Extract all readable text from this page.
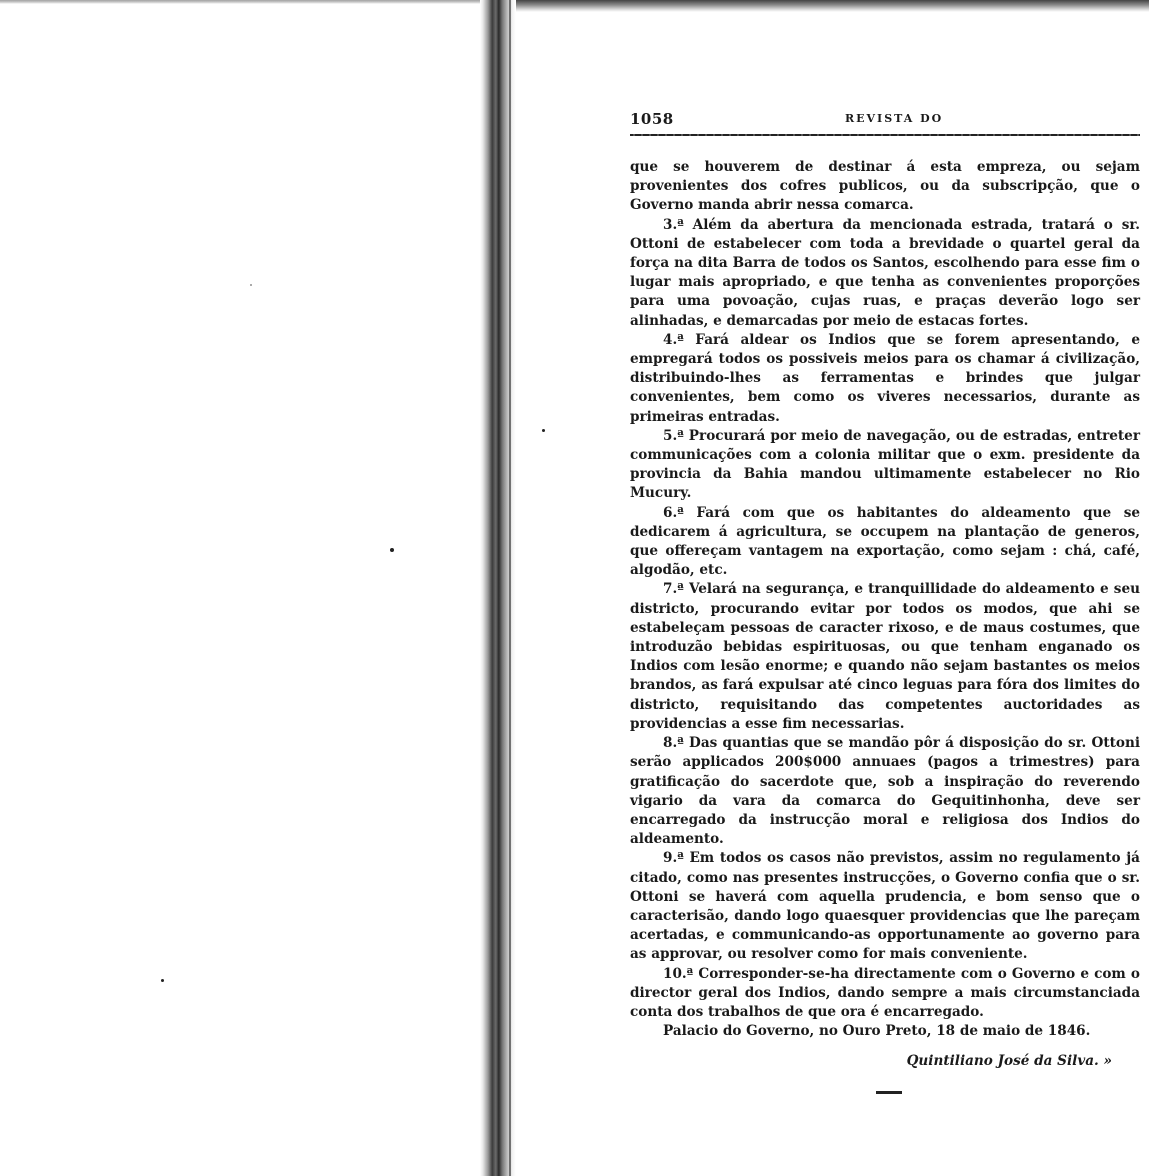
1058	REVISTA DO

que se houverem de destinar á esta empreza, ou sejam provenientes dos cofres publicos, ou da subscripção, que o Governo manda abrir nessa comarca.

3.ª Além da abertura da mencionada estrada, tratará o sr. Ottoni de estabelecer com toda a brevidade o quartel geral da força na dita Barra de todos os Santos, escolhendo para esse fim o lugar mais apropriado, e que tenha as convenientes proporções para uma povoação, cujas ruas, e praças deverão logo ser alinhadas, e demarcadas por meio de estacas fortes.

4.ª Fará aldear os Indios que se forem apresentando, e empregará todos os possiveis meios para os chamar á civilização, distribuindo-lhes as ferramentas e brindes que julgar convenientes, bem como os viveres necessarios, durante as primeiras entradas.

5.ª Procurará por meio de navegação, ou de estradas, entreter communicações com a colonia militar que o exm. presidente da provincia da Bahia mandou ultimamente estabelecer no Rio Mucury.

6.ª Fará com que os habitantes do aldeamento que se dedicarem á agricultura, se occupem na plantação de generos, que offereçam vantagem na exportação, como sejam : chá, café, algodão, etc.

7.ª Velará na segurança, e tranquillidade do aldeamento e seu districto, procurando evitar por todos os modos, que ahi se estabeleçam pessoas de caracter rixoso, e de maus costumes, que introduzão bebidas espirituosas, ou que tenham enganado os Indios com lesão enorme; e quando não sejam bastantes os meios brandos, as fará expulsar até cinco leguas para fóra dos limites do districto, requisitando das competentes auctoridades as providencias a esse fim necessarias.

8.ª Das quantias que se mandão pôr á disposição do sr. Ottoni serão applicados 200$000 annuaes (pagos a trimestres) para gratificação do sacerdote que, sob a inspiração do reverendo vigario da vara da comarca do Gequitinhonha, deve ser encarregado da instrucção moral e religiosa dos Indios do aldeamento.

9.ª Em todos os casos não previstos, assim no regulamento já citado, como nas presentes instrucções, o Governo confia que o sr. Ottoni se haverá com aquella prudencia, e bom senso que o caracterisão, dando logo quaesquer providencias que lhe pareçam acertadas, e communicando-as opportunamente ao governo para as approvar, ou resolver como for mais conveniente.

10.ª Corresponder-se-ha directamente com o Governo e com o director geral dos Indios, dando sempre a mais circumstanciada conta dos trabalhos de que ora é encarregado.

Palacio do Governo, no Ouro Preto, 18 de maio de 1846.

Quintiliano José da Silva. »
